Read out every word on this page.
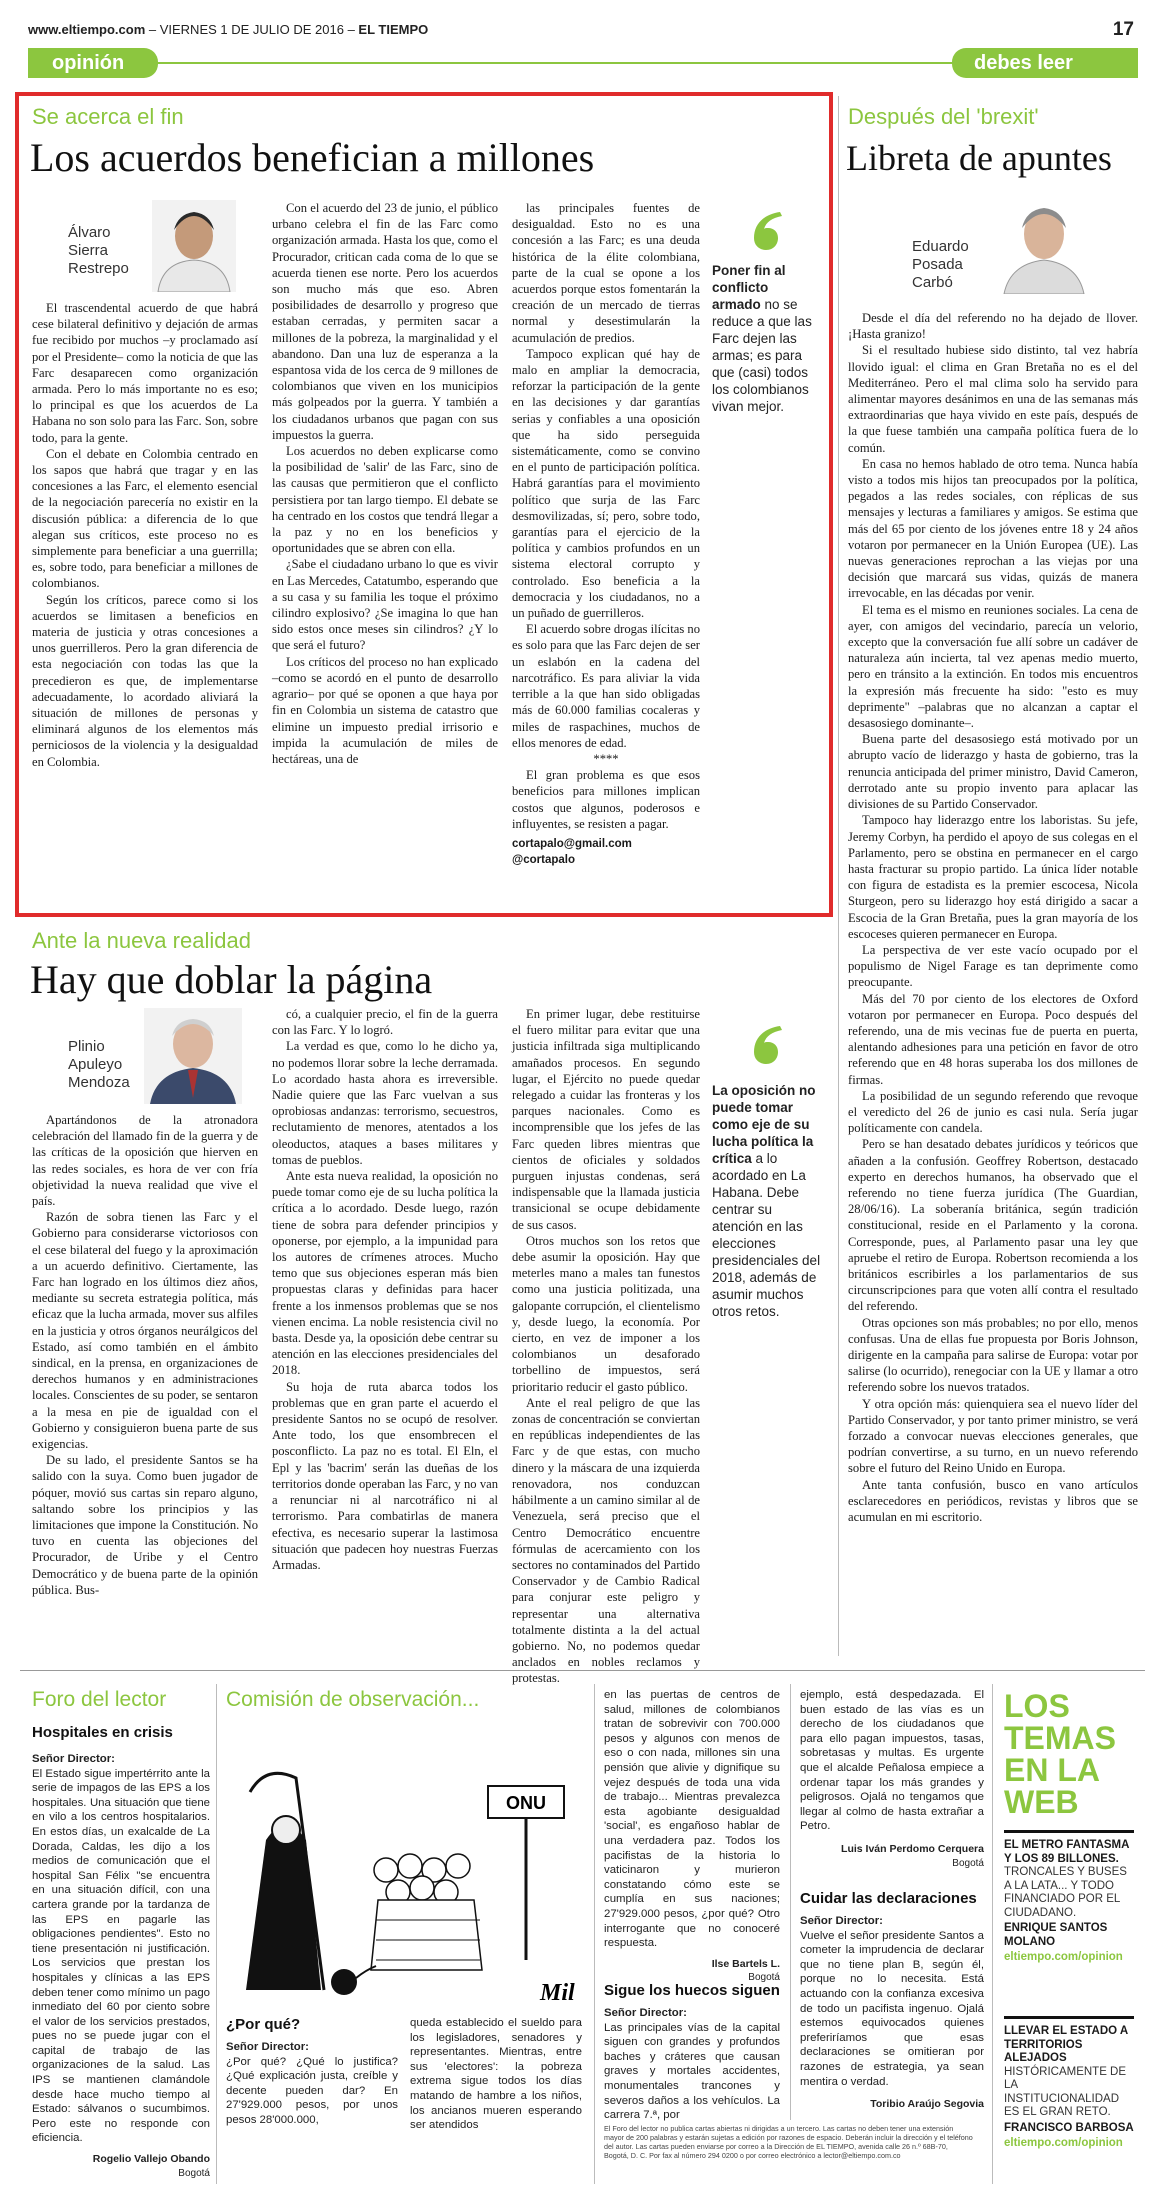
www.eltiempo.com – VIERNES 1 DE JULIO DE 2016 – EL TIEMPO	17
opinión	debes leer
Se acerca el fin
Los acuerdos benefician a millones
Álvaro
Sierra
Restrepo

El trascendental acuerdo de que habrá cese bilateral definitivo y dejación de armas fue recibido por muchos –y proclamado así por el Presidente– como la noticia de que las Farc desaparecen como organización armada. Pero lo más importante no es eso; lo principal es que los acuerdos de La Habana no son solo para las Farc. Son, sobre todo, para la gente.

Con el debate en Colombia centrado en los sapos que habrá que tragar y en las concesiones a las Farc, el elemento esencial de la negociación parecería no existir en la discusión pública: a diferencia de lo que alegan sus críticos, este proceso no es simplemente para beneficiar a una guerrilla; es, sobre todo, para beneficiar a millones de colombianos.

Según los críticos, parece como si los acuerdos se limitasen a beneficios en materia de justicia y otras concesiones a unos guerrilleros. Pero la gran diferencia de esta negociación con todas las que la precedieron es que, de implementarse adecuadamente, lo acordado aliviará la situación de millones de personas y eliminará algunos de los elementos más perniciosos de la violencia y la desigualdad en Colombia.

Con el acuerdo del 23 de junio, el público urbano celebra el fin de las Farc como organización armada. Hasta los que, como el Procurador, critican cada coma de lo que se acuerda tienen ese norte. Pero los acuerdos son mucho más que eso. Abren posibilidades de desarrollo y progreso que estaban cerradas, y permiten sacar a millones de la pobreza, la marginalidad y el abandono. Dan una luz de esperanza a la espantosa vida de los cerca de 9 millones de colombianos que viven en los municipios más golpeados por la guerra. Y también a los ciudadanos urbanos que pagan con sus impuestos la guerra.

Los acuerdos no deben explicarse como la posibilidad de 'salir' de las Farc, sino de las causas que permitieron que el conflicto persistiera por tan largo tiempo. El debate se ha centrado en los costos que tendrá llegar a la paz y no en los beneficios y oportunidades que se abren con ella.

¿Sabe el ciudadano urbano lo que es vivir en Las Mercedes, Catatumbo, esperando que a su casa y su familia les toque el próximo cilindro explosivo? ¿Se imagina lo que han sido estos once meses sin cilindros? ¿Y lo que será el futuro?

Los críticos del proceso no han explicado –como se acordó en el punto de desarrollo agrario– por qué se oponen a que haya por fin en Colombia un sistema de catastro que elimine un impuesto predial irrisorio e impida la acumulación de miles de hectáreas, una de

las principales fuentes de desigualdad. Esto no es una concesión a las Farc; es una deuda histórica de la élite colombiana, parte de la cual se opone a los acuerdos porque estos fomentarán la creación de un mercado de tierras normal y desestimularán la acumulación de predios.

Tampoco explican qué hay de malo en ampliar la democracia, reforzar la participación de la gente en las decisiones y dar garantías serias y confiables a una oposición que ha sido perseguida sistemáticamente, como se convino en el punto de participación política. Habrá garantías para el movimiento político que surja de las Farc desmovilizadas, sí; pero, sobre todo, garantías para el ejercicio de la política y cambios profundos en un sistema electoral corrupto y controlado. Eso beneficia a la democracia y los ciudadanos, no a un puñado de guerrilleros.

El acuerdo sobre drogas ilícitas no es solo para que las Farc dejen de ser un eslabón en la cadena del narcotráfico. Es para aliviar la vida terrible a la que han sido obligadas más de 60.000 familias cocaleras y miles de raspachines, muchos de ellos menores de edad.

****

El gran problema es que esos beneficios para millones implican costos que algunos, poderosos e influyentes, se resisten a pagar.

cortapalo@gmail.com
@cortapalo
Poner fin al conflicto armado no se reduce a que las Farc dejen las armas; es para que (casi) todos los colombianos vivan mejor.
Después del 'brexit'
Libreta de apuntes
Eduardo
Posada
Carbó

Desde el día del referendo no ha dejado de llover. ¡Hasta granizo!

Si el resultado hubiese sido distinto, tal vez habría llovido igual: el clima en Gran Bretaña no es el del Mediterráneo. Pero el mal clima solo ha servido para alimentar mayores desánimos en una de las semanas más extraordinarias que haya vivido en este país, después de la que fuese también una campaña política fuera de lo común.

En casa no hemos hablado de otro tema. Nunca había visto a todos mis hijos tan preocupados por la política, pegados a las redes sociales, con réplicas de sus mensajes y lecturas a familiares y amigos. Se estima que más del 65 por ciento de los jóvenes entre 18 y 24 años votaron por permanecer en la Unión Europea (UE). Las nuevas generaciones reprochan a las viejas por una decisión que marcará sus vidas, quizás de manera irrevocable, en las décadas por venir.

El tema es el mismo en reuniones sociales. La cena de ayer, con amigos del vecindario, parecía un velorio, excepto que la conversación fue allí sobre un cadáver de naturaleza aún incierta, tal vez apenas medio muerto, pero en tránsito a la extinción. En todos mis encuentros la expresión más frecuente ha sido: "esto es muy deprimente" –palabras que no alcanzan a captar el desasosiego dominante–.

Buena parte del desasosiego está motivado por un abrupto vacío de liderazgo y hasta de gobierno, tras la renuncia anticipada del primer ministro, David Cameron, derrotado ante su propio invento para aplacar las divisiones de su Partido Conservador.

Tampoco hay liderazgo entre los laboristas. Su jefe, Jeremy Corbyn, ha perdido el apoyo de sus colegas en el Parlamento, pero se obstina en permanecer en el cargo hasta fracturar su propio partido. La única líder notable con figura de estadista es la premier escocesa, Nicola Sturgeon, pero su liderazgo hoy está dirigido a sacar a Escocia de la Gran Bretaña, pues la gran mayoría de los escoceses quieren permanecer en Europa.

La perspectiva de ver este vacío ocupado por el populismo de Nigel Farage es tan deprimente como preocupante.

Más del 70 por ciento de los electores de Oxford votaron por permanecer en Europa. Poco después del referendo, una de mis vecinas fue de puerta en puerta, alentando adhesiones para una petición en favor de otro referendo que en 48 horas superaba los dos millones de firmas.

La posibilidad de un segundo referendo que revoque el veredicto del 26 de junio es casi nula. Sería jugar políticamente con candela.

Pero se han desatado debates jurídicos y teóricos que añaden a la confusión. Geoffrey Robertson, destacado experto en derechos humanos, ha observado que el referendo no tiene fuerza jurídica (The Guardian, 28/06/16). La soberanía británica, según tradición constitucional, reside en el Parlamento y la corona. Corresponde, pues, al Parlamento pasar una ley que apruebe el retiro de Europa. Robertson recomienda a los británicos escribirles a los parlamentarios de sus circunscripciones para que voten allí contra el resultado del referendo.

Otras opciones son más probables; no por ello, menos confusas. Una de ellas fue propuesta por Boris Johnson, dirigente en la campaña para salirse de Europa: votar por salirse (lo ocurrido), renegociar con la UE y llamar a otro referendo sobre los nuevos tratados.

Y otra opción más: quienquiera sea el nuevo líder del Partido Conservador, y por tanto primer ministro, se verá forzado a convocar nuevas elecciones generales, que podrían convertirse, a su turno, en un nuevo referendo sobre el futuro del Reino Unido en Europa.

Ante tanta confusión, busco en vano artículos esclarecedores en periódicos, revistas y libros que se acumulan en mi escritorio.

Ante la nueva realidad
Hay que doblar la página
Plinio
Apuleyo
Mendoza

Apartándonos de la atronadora celebración del llamado fin de la guerra y de las críticas de la oposición que hierven en las redes sociales, es hora de ver con fría objetividad la nueva realidad que vive el país.

Razón de sobra tienen las Farc y el Gobierno para considerarse victoriosos con el cese bilateral del fuego y la aproximación a un acuerdo definitivo. Ciertamente, las Farc han logrado en los últimos diez años, mediante su secreta estrategia política, más eficaz que la lucha armada, mover sus alfiles en la justicia y otros órganos neurálgicos del Estado, así como también en el ámbito sindical, en la prensa, en organizaciones de derechos humanos y en administraciones locales. Conscientes de su poder, se sentaron a la mesa en pie de igualdad con el Gobierno y consiguieron buena parte de sus exigencias.

De su lado, el presidente Santos se ha salido con la suya. Como buen jugador de póquer, movió sus cartas sin reparo alguno, saltando sobre los principios y las limitaciones que impone la Constitución. No tuvo en cuenta las objeciones del Procurador, de Uribe y el Centro Democrático y de buena parte de la opinión pública. Bus-

có, a cualquier precio, el fin de la guerra con las Farc. Y lo logró.

La verdad es que, como lo he dicho ya, no podemos llorar sobre la leche derramada. Lo acordado hasta ahora es irreversible. Nadie quiere que las Farc vuelvan a sus oprobiosas andanzas: terrorismo, secuestros, reclutamiento de menores, atentados a los oleoductos, ataques a bases militares y tomas de pueblos.

Ante esta nueva realidad, la oposición no puede tomar como eje de su lucha política la crítica a lo acordado. Desde luego, razón tiene de sobra para defender principios y oponerse, por ejemplo, a la impunidad para los autores de crímenes atroces. Mucho temo que sus objeciones esperan más bien propuestas claras y definidas para hacer frente a los inmensos problemas que se nos vienen encima. La noble resistencia civil no basta. Desde ya, la oposición debe centrar su atención en las elecciones presidenciales del 2018.

Su hoja de ruta abarca todos los problemas que en gran parte el acuerdo el presidente Santos no se ocupó de resolver. Ante todo, los que ensombrecen el posconflicto. La paz no es total. El Eln, el Epl y las 'bacrim' serán las dueñas de los territorios donde operaban las Farc, y no van a renunciar ni al narcotráfico ni al terrorismo. Para combatirlas de manera efectiva, es necesario superar la lastimosa situación que padecen hoy nuestras Fuerzas Armadas.

En primer lugar, debe restituirse el fuero militar para evitar que una justicia infiltrada siga multiplicando amañados procesos. En segundo lugar, el Ejército no puede quedar relegado a cuidar las fronteras y los parques nacionales. Como es incomprensible que los jefes de las Farc queden libres mientras que cientos de oficiales y soldados purguen injustas condenas, será indispensable que la llamada justicia transicional se ocupe debidamente de sus casos.

Otros muchos son los retos que debe asumir la oposición. Hay que meterles mano a males tan funestos como una justicia politizada, una galopante corrupción, el clientelismo y, desde luego, la economía. Por cierto, en vez de imponer a los colombianos un desaforado torbellino de impuestos, será prioritario reducir el gasto público.

Ante el real peligro de que las zonas de concentración se conviertan en repúblicas independientes de las Farc y de que estas, con mucho dinero y la máscara de una izquierda renovadora, nos conduzcan hábilmente a un camino similar al de Venezuela, será preciso que el Centro Democrático encuentre fórmulas de acercamiento con los sectores no contaminados del Partido Conservador y de Cambio Radical para conjurar este peligro y representar una alternativa totalmente distinta a la del actual gobierno. No, no podemos quedar anclados en nobles reclamos y protestas.

La oposición no puede tomar como eje de su lucha política la crítica a lo acordado en La Habana. Debe centrar su atención en las elecciones presidenciales del 2018, además de asumir muchos otros retos.
Foro del lector
Hospitales en crisis
Señor Director:
El Estado sigue impertérrito ante la serie de impagos de las EPS a los hospitales. Una situación que tiene en vilo a los centros hospitalarios. En estos días, un exalcalde de La Dorada, Caldas, les dijo a los medios de comunicación que el hospital San Félix "se encuentra en una situación difícil, con una cartera grande por la tardanza de las EPS en pagarle las obligaciones pendientes". Esto no tiene presentación ni justificación. Los servicios que prestan los hospitales y clínicas a las EPS deben tener como mínimo un pago inmediato del 60 por ciento sobre el valor de los servicios prestados, pues no se puede jugar con el capital de trabajo de las organizaciones de la salud. Las IPS se mantienen clamándole desde hace mucho tiempo al Estado: sálvanos o sucumbimos. Pero este no responde con eficiencia.
Rogelio Vallejo Obando
Bogotá
Comisión de observación...
ONU
Mil
¿Por qué?
Señor Director:
¿Por qué? ¿Qué lo justifica? ¿Qué explicación justa, creíble y decente pueden dar? En 27'929.000 pesos, por unos pesos 28'000.000,
queda establecido el sueldo para los legisladores, senadores y representantes. Mientras, entre sus 'electores': la pobreza extrema sigue todos los días matando de hambre a los niños, los ancianos mueren esperando ser atendidos
en las puertas de centros de salud, millones de colombianos tratan de sobrevivir con 700.000 pesos y algunos con menos de eso o con nada, millones sin una pensión que alivie y dignifique su vejez después de toda una vida de trabajo... Mientras prevalezca esta agobiante desigualdad 'social', es engañoso hablar de una verdadera paz. Todos los pacifistas de la historia lo vaticinaron y murieron constatando cómo este se cumplía en sus naciones; 27'929.000 pesos, ¿por qué? Otro interrogante que no conoceré respuesta.
Ilse Bartels L.
Bogotá
Sigue los huecos siguen
Señor Director:
Las principales vías de la capital siguen con grandes y profundos baches y cráteres que causan graves y mortales accidentes, monumentales trancones y severos daños a los vehículos. La carrera 7.ª, por
El Foro del lector no publica cartas abiertas ni dirigidas a un tercero. Las cartas no deben tener una extensión mayor de 200 palabras y estarán sujetas a edición por razones de espacio. Deberán incluir la dirección y el teléfono del autor. Las cartas pueden enviarse por correo a la Dirección de EL TIEMPO, avenida calle 26 n.º 68B-70, Bogotá, D. C. Por fax al número 294 0200 o por correo electrónico a lector@eltiempo.com.co
ejemplo, está despedazada. El buen estado de las vías es un derecho de los ciudadanos que para ello pagan impuestos, tasas, sobretasas y multas. Es urgente que el alcalde Peñalosa empiece a ordenar tapar los más grandes y peligrosos. Ojalá no tengamos que llegar al colmo de hasta extrañar a Petro.
Luis Iván Perdomo Cerquera
Bogotá
Cuidar las declaraciones
Señor Director:
Vuelve el señor presidente Santos a cometer la imprudencia de declarar que no tiene plan B, según él, porque no lo necesita. Está actuando con la confianza excesiva de todo un pacifista ingenuo. Ojalá estemos equivocados quienes preferiríamos que esas declaraciones se omitieran por razones de estrategia, ya sean mentira o verdad.
Toribio Araújo Segovia
LOS
TEMAS
EN LA
WEB
EL METRO FANTASMA Y LOS 89 BILLONES. TRONCALES Y BUSES A LA LATA... Y TODO FINANCIADO POR EL CIUDADANO.
ENRIQUE SANTOS MOLANO
eltiempo.com/opinion
LLEVAR EL ESTADO A TERRITORIOS ALEJADOS HISTÓRICAMENTE DE LA INSTITUCIONALIDAD ES EL GRAN RETO.
FRANCISCO BARBOSA
eltiempo.com/opinion
